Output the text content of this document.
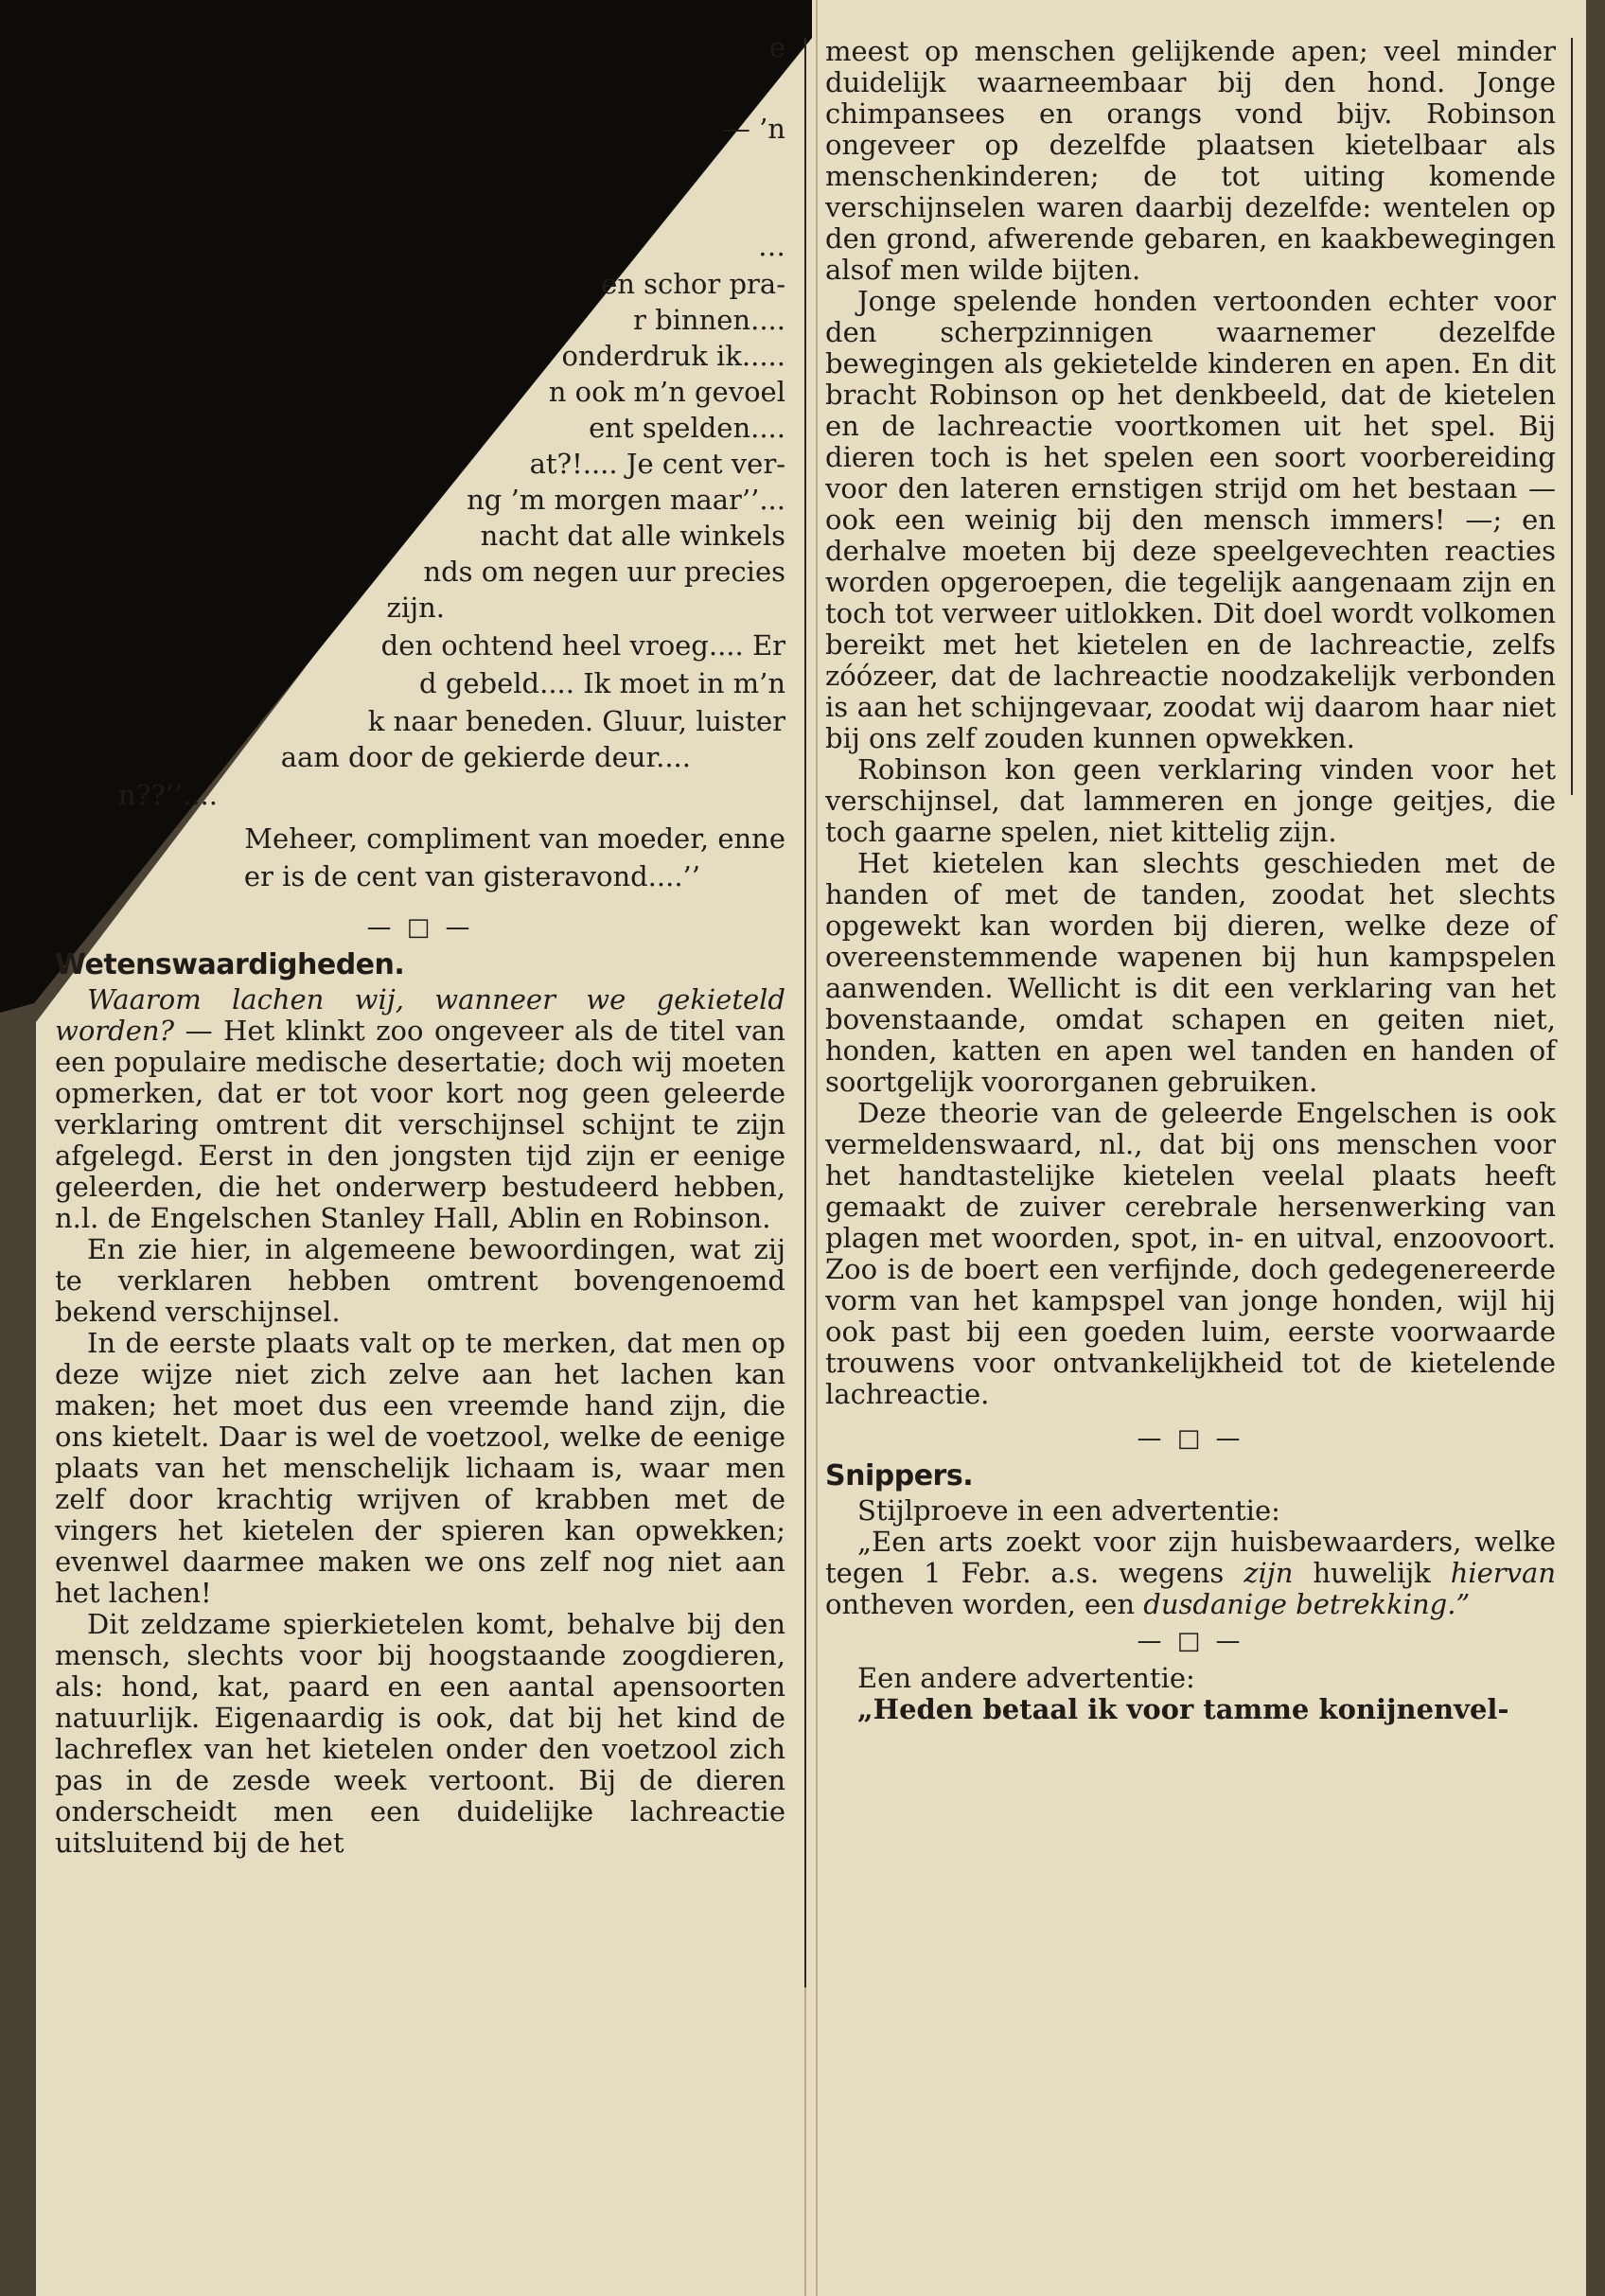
e
— ’n
…
en schor pra-
r binnen....
onderdruk ik.....
n ook m’n gevoel
ent spelden....
at?!.... Je cent ver-
ng ’m morgen maar’’...
nacht dat alle winkels
nds om negen uur precies
zijn.
den ochtend heel vroeg.... Er
d gebeld.... Ik moet in m’n
k naar beneden. Gluur, luister
aam door de gekierde deur....
n??’’....
Meheer, compliment van moeder, enne
er is de cent van gisteravond....’’
— □ —
Wetenswaardigheden.

Waarom lachen wij, wanneer we gekieteld worden? — Het klinkt zoo ongeveer als de titel van een populaire medische desertatie; doch wij moeten opmerken, dat er tot voor kort nog geen geleerde verklaring omtrent dit verschijnsel schijnt te zijn afgelegd. Eerst in den jongsten tijd zijn er eenige geleerden, die het onderwerp bestudeerd hebben, n.l. de Engelschen Stanley Hall, Ablin en Robinson.

En zie hier, in algemeene bewoordingen, wat zij te verklaren hebben omtrent bovengenoemd bekend verschijnsel.

In de eerste plaats valt op te merken, dat men op deze wijze niet zich zelve aan het lachen kan maken; het moet dus een vreemde hand zijn, die ons kietelt. Daar is wel de voetzool, welke de eenige plaats van het menschelijk lichaam is, waar men zelf door krachtig wrijven of krabben met de vingers het kietelen der spieren kan opwekken; evenwel daarmee maken we ons zelf nog niet aan het lachen!

Dit zeldzame spierkietelen komt, behalve bij den mensch, slechts voor bij hoogstaande zoogdieren, als: hond, kat, paard en een aantal apensoorten natuurlijk. Eigenaardig is ook, dat bij het kind de lachreflex van het kietelen onder den voetzool zich pas in de zesde week vertoont. Bij de dieren onderscheidt men een duidelijke lachreactie uitsluitend bij de het

meest op menschen gelijkende apen; veel minder duidelijk waarneembaar bij den hond. Jonge chimpansees en orangs vond bijv. Robinson ongeveer op dezelfde plaatsen kietelbaar als menschenkinderen; de tot uiting komende verschijnselen waren daarbij dezelfde: wentelen op den grond, afwerende gebaren, en kaakbewegingen alsof men wilde bijten.

Jonge spelende honden vertoonden echter voor den scherpzinnigen waarnemer dezelfde bewegingen als gekietelde kinderen en apen. En dit bracht Robinson op het denkbeeld, dat de kietelen en de lachreactie voortkomen uit het spel. Bij dieren toch is het spelen een soort voorbereiding voor den lateren ernstigen strijd om het bestaan — ook een weinig bij den mensch immers! —; en derhalve moeten bij deze speelgevechten reacties worden opgeroepen, die tegelijk aangenaam zijn en toch tot verweer uitlokken. Dit doel wordt volkomen bereikt met het kietelen en de lachreactie, zelfs zóózeer, dat de lachreactie noodzakelijk verbonden is aan het schijngevaar, zoodat wij daarom haar niet bij ons zelf zouden kunnen opwekken.

Robinson kon geen verklaring vinden voor het verschijnsel, dat lammeren en jonge geitjes, die toch gaarne spelen, niet kittelig zijn.

Het kietelen kan slechts geschieden met de handen of met de tanden, zoodat het slechts opgewekt kan worden bij dieren, welke deze of overeenstemmende wapenen bij hun kampspelen aanwenden. Wellicht is dit een verklaring van het bovenstaande, omdat schapen en geiten niet, honden, katten en apen wel tanden en handen of soortgelijk voororganen gebruiken.

Deze theorie van de geleerde Engelschen is ook vermeldenswaard, nl., dat bij ons menschen voor het handtastelijke kietelen veelal plaats heeft gemaakt de zuiver cerebrale hersenwerking van plagen met woorden, spot, in- en uitval, enzoovoort. Zoo is de boert een verfijnde, doch gedegenereerde vorm van het kampspel van jonge honden, wijl hij ook past bij een goeden luim, eerste voorwaarde trouwens voor ontvankelijkheid tot de kietelende lachreactie.

— □ —
Snippers.

Stijlproeve in een advertentie:

„Een arts zoekt voor zijn huisbewaarders, welke tegen 1 Febr. a.s. wegens zijn huwelijk hiervan ontheven worden, een dusdanige betrekking.”

— □ —

Een andere advertentie:

„Heden betaal ik voor tamme konijnenvel-
